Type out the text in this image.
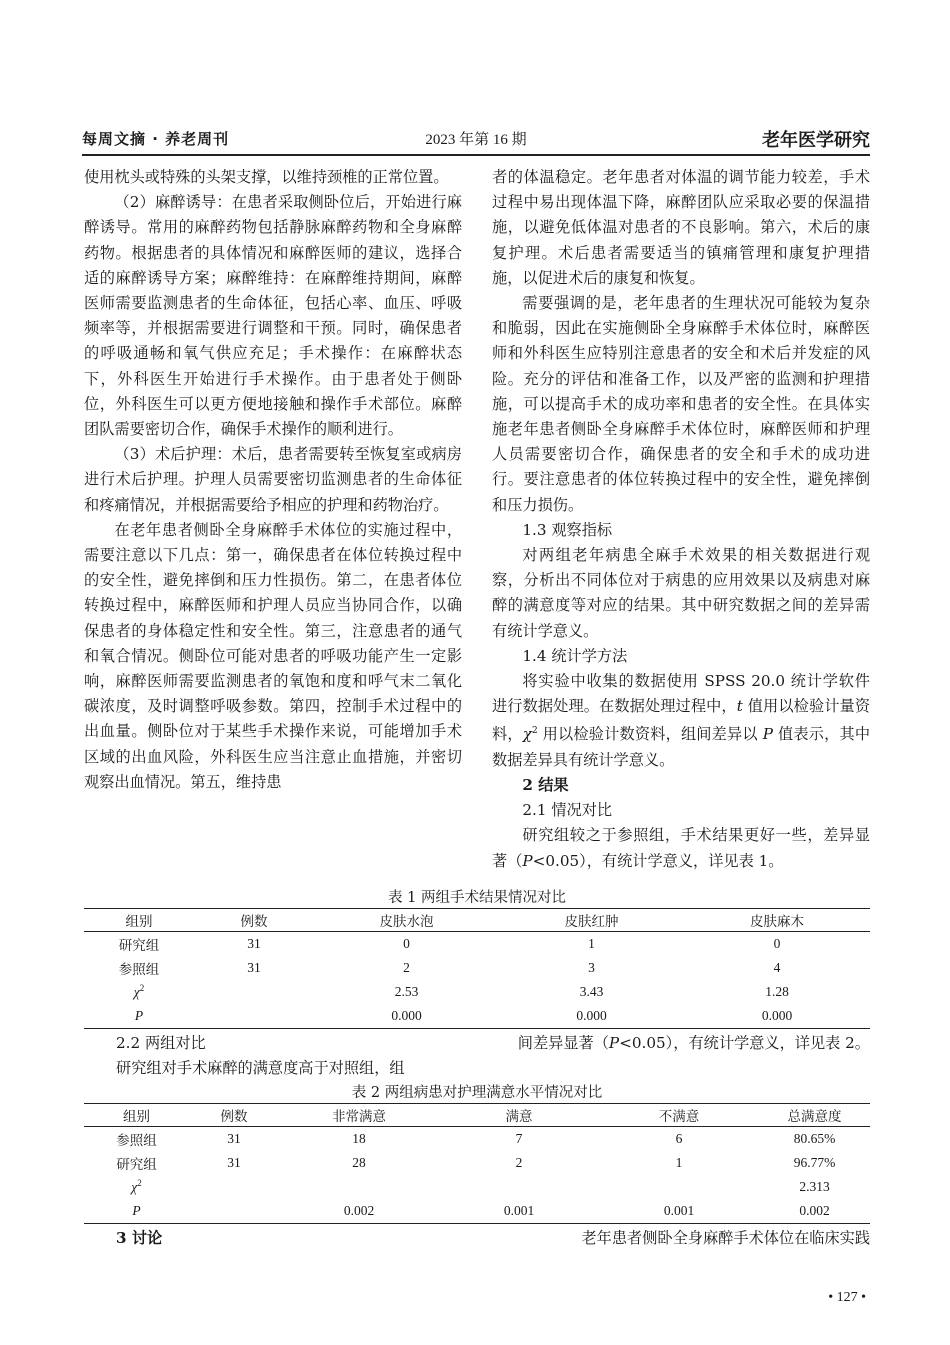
每周文摘 · 养老周刊	2023 年第 16 期	老年医学研究

使用枕头或特殊的头架支撑，以维持颈椎的正常位置。

（2）麻醉诱导：在患者采取侧卧位后，开始进行麻醉诱导。常用的麻醉药物包括静脉麻醉药物和全身麻醉药物。根据患者的具体情况和麻醉医师的建议，选择合适的麻醉诱导方案；麻醉维持：在麻醉维持期间，麻醉医师需要监测患者的生命体征，包括心率、血压、呼吸频率等，并根据需要进行调整和干预。同时，确保患者的呼吸通畅和氧气供应充足；手术操作：在麻醉状态下，外科医生开始进行手术操作。由于患者处于侧卧位，外科医生可以更方便地接触和操作手术部位。麻醉团队需要密切合作，确保手术操作的顺利进行。

（3）术后护理：术后，患者需要转至恢复室或病房进行术后护理。护理人员需要密切监测患者的生命体征和疼痛情况，并根据需要给予相应的护理和药物治疗。

在老年患者侧卧全身麻醉手术体位的实施过程中，需要注意以下几点：第一，确保患者在体位转换过程中的安全性，避免摔倒和压力性损伤。第二，在患者体位转换过程中，麻醉医师和护理人员应当协同合作，以确保患者的身体稳定性和安全性。第三，注意患者的通气和氧合情况。侧卧位可能对患者的呼吸功能产生一定影响，麻醉医师需要监测患者的氧饱和度和呼气末二氧化碳浓度，及时调整呼吸参数。第四，控制手术过程中的出血量。侧卧位对于某些手术操作来说，可能增加手术区域的出血风险，外科医生应当注意止血措施，并密切观察出血情况。第五，维持患

者的体温稳定。老年患者对体温的调节能力较差，手术过程中易出现体温下降，麻醉团队应采取必要的保温措施，以避免低体温对患者的不良影响。第六，术后的康复护理。术后患者需要适当的镇痛管理和康复护理措施，以促进术后的康复和恢复。

需要强调的是，老年患者的生理状况可能较为复杂和脆弱，因此在实施侧卧全身麻醉手术体位时，麻醉医师和外科医生应特别注意患者的安全和术后并发症的风险。充分的评估和准备工作，以及严密的监测和护理措施，可以提高手术的成功率和患者的安全性。在具体实施老年患者侧卧全身麻醉手术体位时，麻醉医师和护理人员需要密切合作，确保患者的安全和手术的成功进行。要注意患者的体位转换过程中的安全性，避免摔倒和压力损伤。

1.3 观察指标

对两组老年病患全麻手术效果的相关数据进行观察，分析出不同体位对于病患的应用效果以及病患对麻醉的满意度等对应的结果。其中研究数据之间的差异需有统计学意义。

1.4 统计学方法

将实验中收集的数据使用 SPSS 20.0 统计学软件进行数据处理。在数据处理过程中，t 值用以检验计量资料，$\chi^2$ 用以检验计数资料，组间差异以 P 值表示，其中数据差异具有统计学意义。

2 结果

2.1 情况对比

研究组较之于参照组，手术结果更好一些，差异显著（P<0.05），有统计学意义，详见表 1。

表 1 两组手术结果情况对比
组别	例数	皮肤水泡	皮肤红肿	皮肤麻木
研究组	31	0	1	0
参照组	31	2	3	4
$\chi^2$		2.53	3.43	1.28
P		0.000	0.000	0.000
2.2 两组对比	间差异显著（P<0.05），有统计学意义，详见表 2。
研究组对手术麻醉的满意度高于对照组，组
表 2 两组病患对护理满意水平情况对比
组别	例数	非常满意	满意	不满意	总满意度
参照组	31	18	7	6	80.65%
研究组	31	28	2	1	96.77%
$\chi^2$					2.313
P		0.002	0.001	0.001	0.002
3 讨论	老年患者侧卧全身麻醉手术体位在临床实践
• 127 •
